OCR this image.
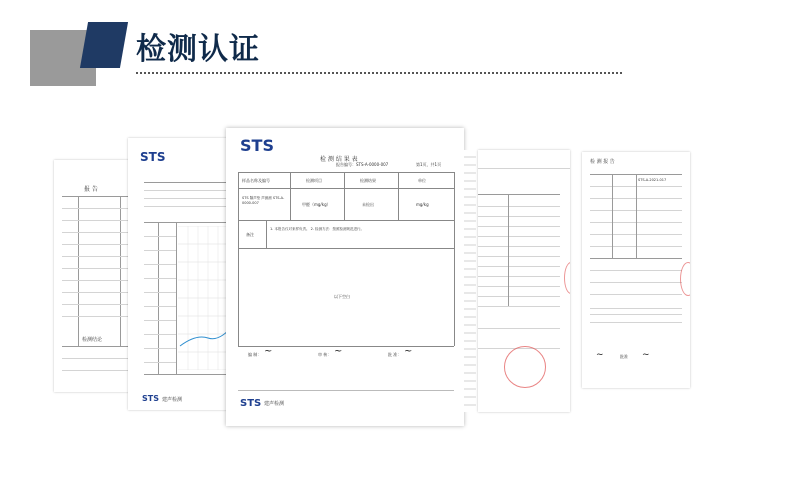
检测认证
报 告
检测结论
STS
STS 建声检测
STS
检 测 结 果 表
第1页，共1页
报告编号：STS-A-0000-007
样品名称及编号	检测项目	检测结果	单位
STS 隔声垫 声测测 STS-A-0000-007	甲醛（mg/kg）	未检出	mg/kg
备注
1. 本报告仅对来样负责。 2. 检测方法：按照检测规范进行。
以下空白
编 制： ~	审 核： ~	批 准： ~
STS 建声检测
检 测 报 告
STS-A-2021-017
~	~
批准
